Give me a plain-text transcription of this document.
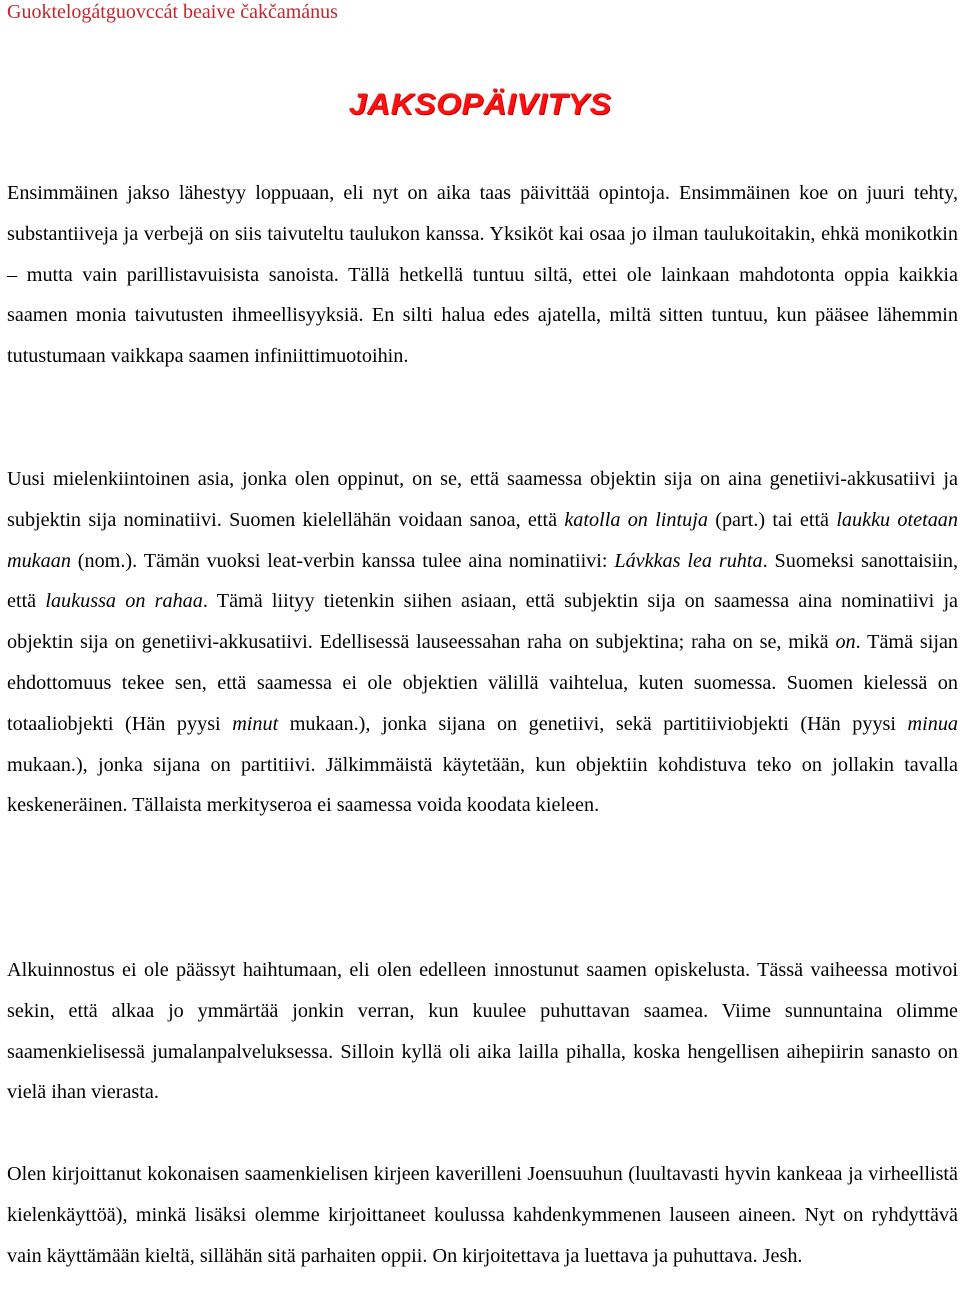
Guoktelogátguovccát beaive čakčamánus
JAKSOPÄIVITYS

Ensimmäinen jakso lähestyy loppuaan, eli nyt on aika taas päivittää opintoja. Ensimmäinen koe on juuri tehty, substantiiveja ja verbejä on siis taivuteltu taulukon kanssa. Yksiköt kai osaa jo ilman taulukoitakin, ehkä monikotkin – mutta vain parillistavuisista sanoista. Tällä hetkellä tuntuu siltä, ettei ole lainkaan mahdotonta oppia kaikkia saamen monia taivutusten ihmeellisyyksiä. En silti halua edes ajatella, miltä sitten tuntuu, kun pääsee lähemmin tutustumaan vaikkapa saamen infiniittimuotoihin.

Uusi mielenkiintoinen asia, jonka olen oppinut, on se, että saamessa objektin sija on aina genetiivi-akkusatiivi ja subjektin sija nominatiivi. Suomen kielellähän voidaan sanoa, että katolla on lintuja (part.) tai että laukku otetaan mukaan (nom.). Tämän vuoksi leat-verbin kanssa tulee aina nominatiivi: Lávkkas lea ruhta. Suomeksi sanottaisiin, että laukussa on rahaa. Tämä liityy tietenkin siihen asiaan, että subjektin sija on saamessa aina nominatiivi ja objektin sija on genetiivi-akkusatiivi. Edellisessä lauseessahan raha on subjektina; raha on se, mikä on. Tämä sijan ehdottomuus tekee sen, että saamessa ei ole objektien välillä vaihtelua, kuten suomessa. Suomen kielessä on totaaliobjekti (Hän pyysi minut mukaan.), jonka sijana on genetiivi, sekä partitiiviobjekti (Hän pyysi minua mukaan.), jonka sijana on partitiivi. Jälkimmäistä käytetään, kun objektiin kohdistuva teko on jollakin tavalla keskeneräinen. Tällaista merkityseroa ei saamessa voida koodata kieleen.

Alkuinnostus ei ole päässyt haihtumaan, eli olen edelleen innostunut saamen opiskelusta. Tässä vaiheessa motivoi sekin, että alkaa jo ymmärtää jonkin verran, kun kuulee puhuttavan saamea. Viime sunnuntaina olimme saamenkielisessä jumalanpalveluksessa. Silloin kyllä oli aika lailla pihalla, koska hengellisen aihepiirin sanasto on vielä ihan vierasta.

Olen kirjoittanut kokonaisen saamenkielisen kirjeen kaverilleni Joensuuhun (luultavasti hyvin kankeaa ja virheellistä kielenkäyttöä), minkä lisäksi olemme kirjoittaneet koulussa kahdenkymmenen lauseen aineen. Nyt on ryhdyttävä vain käyttämään kieltä, sillähän sitä parhaiten oppii. On kirjoitettava ja luettava ja puhuttava. Jesh.
